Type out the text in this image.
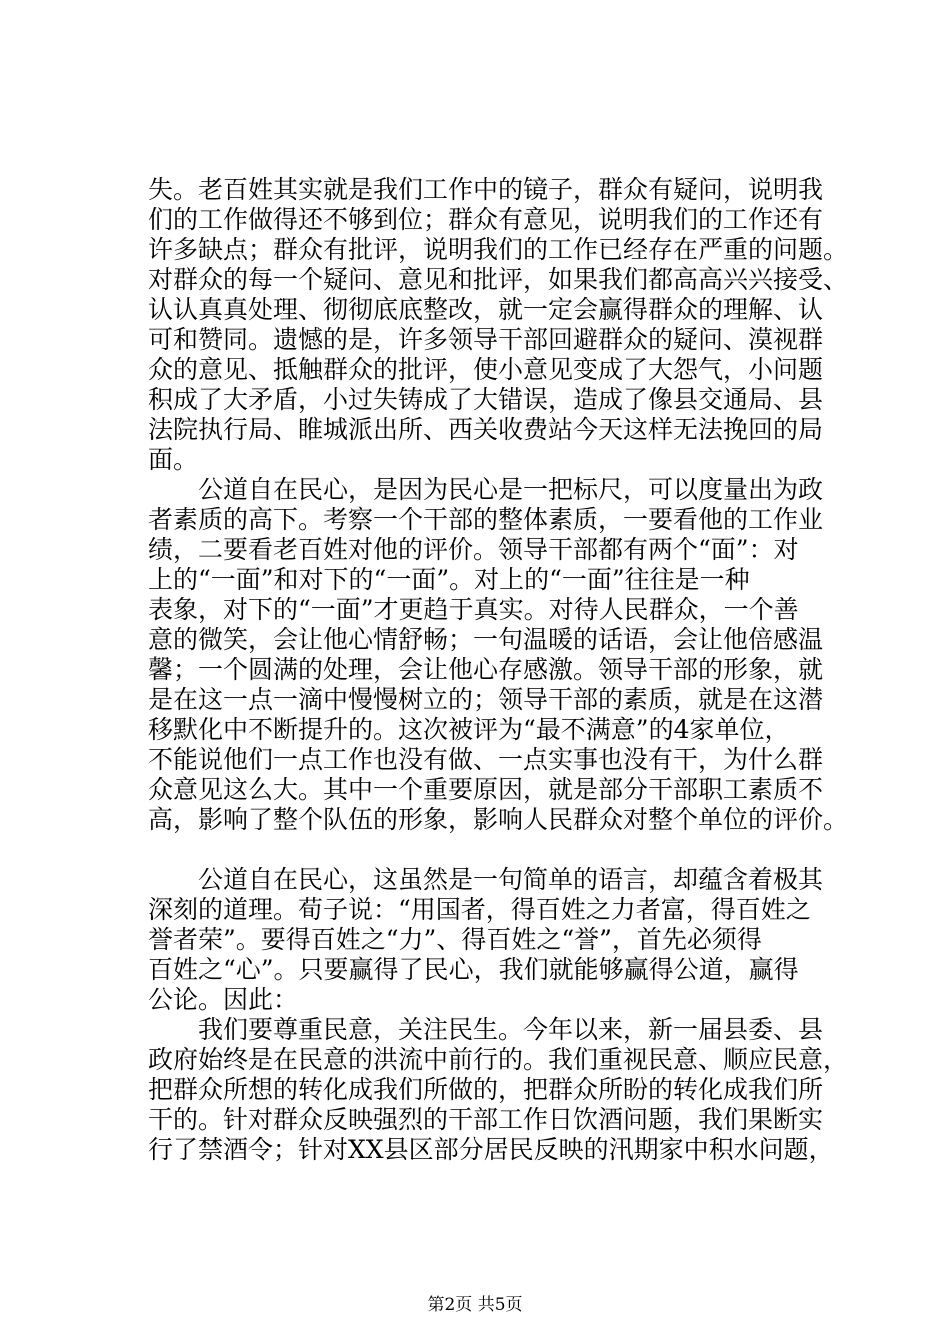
失。老百姓其实就是我们工作中的镜子，群众有疑问，说明我
们的工作做得还不够到位；群众有意见，说明我们的工作还有
许多缺点；群众有批评，说明我们的工作已经存在严重的问题。
对群众的每一个疑问、意见和批评，如果我们都高高兴兴接受、
认认真真处理、彻彻底底整改，就一定会赢得群众的理解、认
可和赞同。遗憾的是，许多领导干部回避群众的疑问、漠视群
众的意见、抵触群众的批评，使小意见变成了大怨气，小问题
积成了大矛盾，小过失铸成了大错误，造成了像县交通局、县
法院执行局、睢城派出所、西关收费站今天这样无法挽回的局
面。
　　公道自在民心，是因为民心是一把标尺，可以度量出为政
者素质的高下。考察一个干部的整体素质，一要看他的工作业
绩，二要看老百姓对他的评价。领导干部都有两个“面”：对
上的“一面”和对下的“一面”。对上的“一面”往往是一种
表象，对下的“一面”才更趋于真实。对待人民群众，一个善
意的微笑，会让他心情舒畅；一句温暖的话语，会让他倍感温
馨；一个圆满的处理，会让他心存感激。领导干部的形象，就
是在这一点一滴中慢慢树立的；领导干部的素质，就是在这潜
移默化中不断提升的。这次被评为“最不满意”的4家单位，
不能说他们一点工作也没有做、一点实事也没有干，为什么群
众意见这么大。其中一个重要原因，就是部分干部职工素质不
高，影响了整个队伍的形象，影响人民群众对整个单位的评价。
　　公道自在民心，这虽然是一句简单的语言，却蕴含着极其
深刻的道理。荀子说：“用国者，得百姓之力者富，得百姓之
誉者荣”。要得百姓之“力”、得百姓之“誉”，首先必须得
百姓之“心”。只要赢得了民心，我们就能够赢得公道，赢得
公论。因此：
　　我们要尊重民意，关注民生。今年以来，新一届县委、县
政府始终是在民意的洪流中前行的。我们重视民意、顺应民意，
把群众所想的转化成我们所做的，把群众所盼的转化成我们所
干的。针对群众反映强烈的干部工作日饮酒问题，我们果断实
行了禁酒令；针对XX县区部分居民反映的汛期家中积水问题，
第2页 共5页
